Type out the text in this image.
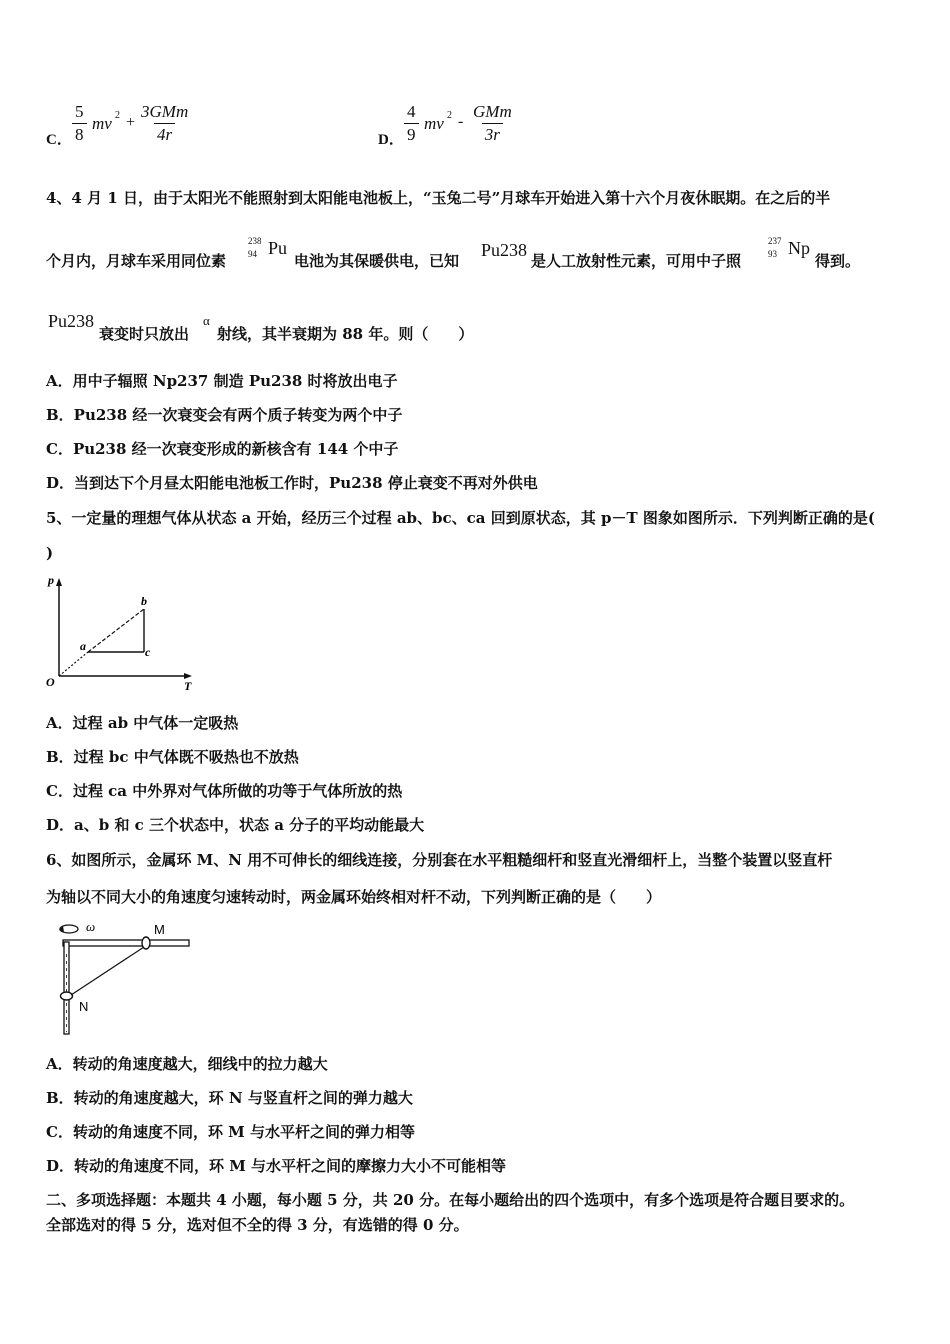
C． $\frac{5}{8}$ mv 2 +
3GMm
4r	D． $\frac{4}{9}$ mv 2 -
GMm
3r
4、4 月 1 日，由于太阳光不能照射到太阳能电池板上，“玉兔二号”月球车开始进入第十六个月夜休眠期。在之后的半
个月内，月球车采用同位素
238
94 Pu
电池为其保暖供电，已知
Pu238
是人工放射性元素，可用中子照
237
93 Np
得到。
Pu238
衰变时只放出
α
射线，其半衰期为 88 年。则（　　）
A．用中子辐照 Np237 制造 Pu238 时将放出电子
B．Pu238 经一次衰变会有两个质子转变为两个中子
C．Pu238 经一次衰变形成的新核含有 144 个中子
D．当到达下个月昼太阳能电池板工作时，Pu238 停止衰变不再对外供电
5、一定量的理想气体从状态 a 开始，经历三个过程 ab、bc、ca 回到原状态，其 p－T 图象如图所示．下列判断正确的是(
)
p
T
O
a
b
c
A．过程 ab 中气体一定吸热
B．过程 bc 中气体既不吸热也不放热
C．过程 ca 中外界对气体所做的功等于气体所放的热
D．a、b 和 c 三个状态中，状态 a 分子的平均动能最大
6、如图所示，金属环 M、N 用不可伸长的细线连接，分别套在水平粗糙细杆和竖直光滑细杆上，当整个装置以竖直杆
为轴以不同大小的角速度匀速转动时，两金属环始终相对杆不动，下列判断正确的是（　　）
ω	M
N
A．转动的角速度越大，细线中的拉力越大
B．转动的角速度越大，环 N 与竖直杆之间的弹力越大
C．转动的角速度不同，环 M 与水平杆之间的弹力相等
D．转动的角速度不同，环 M 与水平杆之间的摩擦力大小不可能相等
二、多项选择题：本题共 4 小题，每小题 5 分，共 20 分。在每小题给出的四个选项中，有多个选项是符合题目要求的。
全部选对的得 5 分，选对但不全的得 3 分，有选错的得 0 分。
